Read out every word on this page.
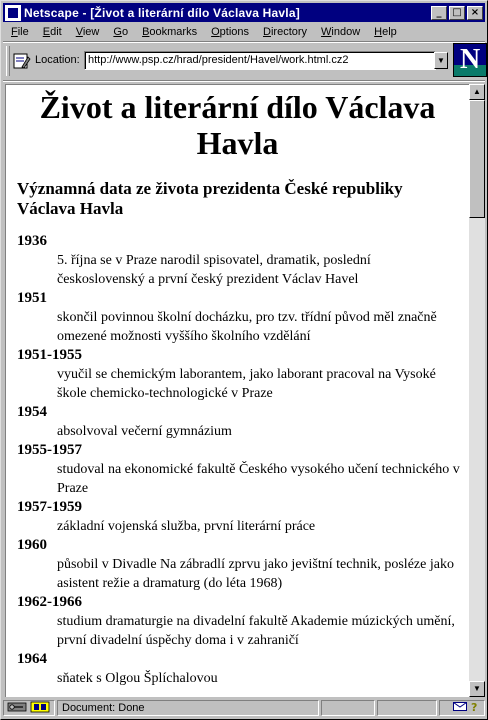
Netscape - [Život a literární dílo Václava Havla]	_	□ ×
File	Edit	View	Go	Bookmarks	Options	Directory	Window	Help
Location: http://www.psp.cz/hrad/president/Havel/work.html.cz2	▼ N
Život a literární dílo Václava Havla
Významná data ze života prezidenta České republiky Václava Havla
1936
5. října se v Praze narodil spisovatel, dramatik, poslední československý a první český prezident Václav Havel
1951
skončil povinnou školní docházku, pro tzv. třídní původ měl značně omezené možnosti vyššího školního vzdělání
1951-1955
vyučil se chemickým laborantem, jako laborant pracoval na Vysoké škole chemicko-technologické v Praze
1954
absolvoval večerní gymnázium
1955-1957
studoval na ekonomické fakultě Českého vysokého učení technického v Praze
1957-1959
základní vojenská služba, první literární práce
1960
působil v Divadle Na zábradlí zprvu jako jevištní technik, posléze jako asistent režie a dramaturg (do léta 1968)
1962-1966
studium dramaturgie na divadelní fakultě Akademie múzických umění, první divadelní úspěchy doma i v zahraničí
1964
sňatek s Olgou Šplíchalovou
▲
▼
Document: Done	?
